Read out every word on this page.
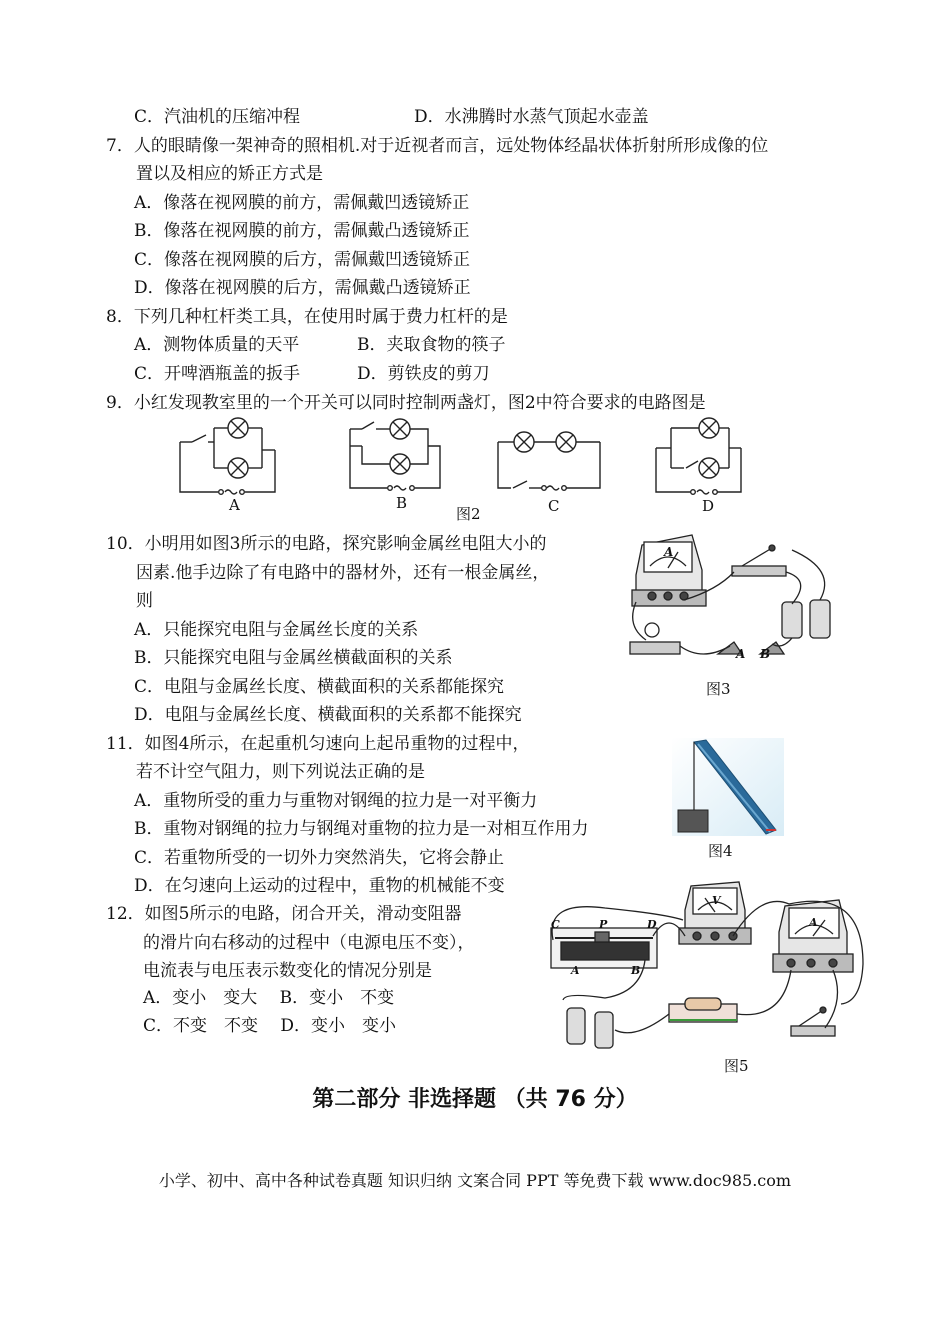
C．汽油机的压缩冲程	D．水沸腾时水蒸气顶起水壶盖
7．人的眼睛像一架神奇的照相机.对于近视者而言，远处物体经晶状体折射所形成像的位
置以及相应的矫正方式是
A．像落在视网膜的前方，需佩戴凹透镜矫正
B．像落在视网膜的前方，需佩戴凸透镜矫正
C．像落在视网膜的后方，需佩戴凹透镜矫正
D．像落在视网膜的后方，需佩戴凸透镜矫正
8．下列几种杠杆类工具，在使用时属于费力杠杆的是
A．测物体质量的天平	B．夹取食物的筷子
C．开啤酒瓶盖的扳手	D．剪铁皮的剪刀
9．小红发现教室里的一个开关可以同时控制两盏灯，图2中符合要求的电路图是
A	B	C	D
图2
10．小明用如图3所示的电路，探究影响金属丝电阻大小的
因素.他手边除了有电路中的器材外，还有一根金属丝，
则
A．只能探究电阻与金属丝长度的关系
B．只能探究电阻与金属丝横截面积的关系
C．电阻与金属丝长度、横截面积的关系都能探究
D．电阻与金属丝长度、横截面积的关系都不能探究
A
A B
图3
11．如图4所示，在起重机匀速向上起吊重物的过程中，
若不计空气阻力，则下列说法正确的是
A．重物所受的重力与重物对钢绳的拉力是一对平衡力
B．重物对钢绳的拉力与钢绳对重物的拉力是一对相互作用力
C．若重物所受的一切外力突然消失，它将会静止
D．在匀速向上运动的过程中，重物的机械能不变
图4
12．如图5所示的电路，闭合开关，滑动变阻器
的滑片向右移动的过程中（电源电压不变），
电流表与电压表示数变化的情况分别是
A．变小　变大　 B．变小　不变
C．不变　不变　 D．变小　变小
V
A
C	P	D
A	B
图5
第二部分 非选择题 （共 76 分）
小学、初中、高中各种试卷真题 知识归纳 文案合同 PPT 等免费下载 www.doc985.com
